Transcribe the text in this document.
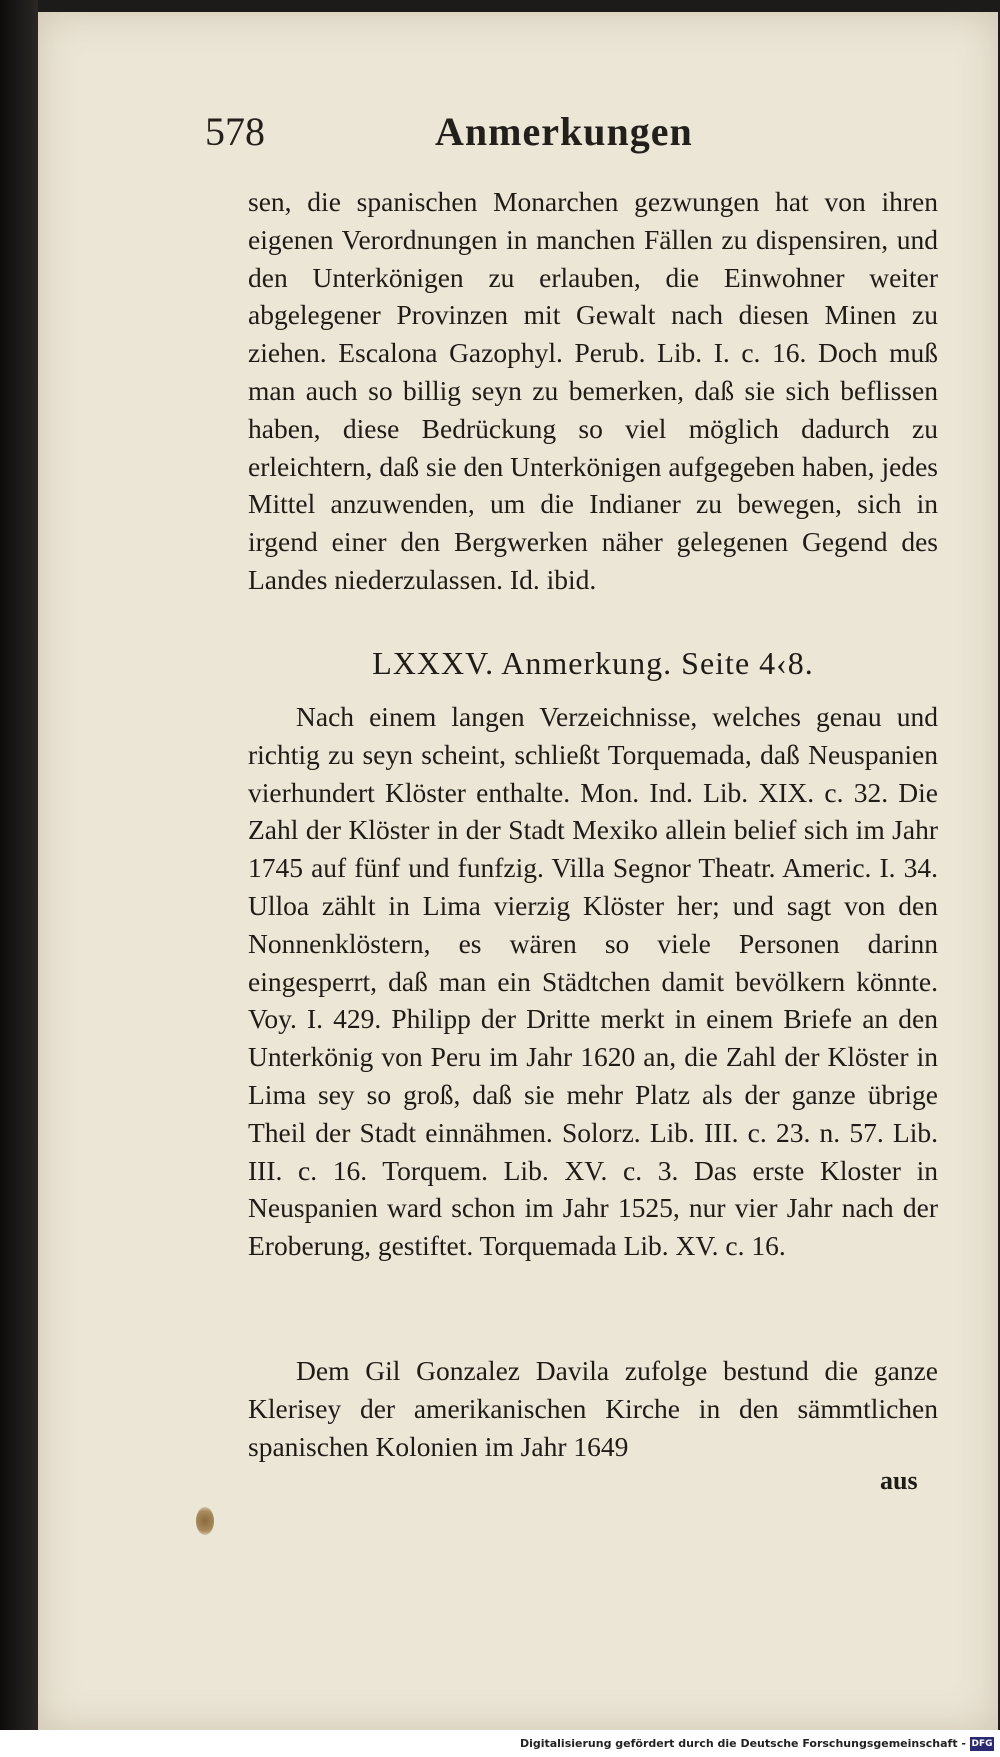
578	Anmerkungen
sen, die spanischen Monarchen gezwungen hat von ihren eigenen Verordnungen in manchen Fällen zu dispensiren, und den Unterkönigen zu erlauben, die Einwohner weiter abgelegener Provinzen mit Gewalt nach diesen Minen zu ziehen. Escalona Gazophyl. Perub. Lib. I. c. 16. Doch muß man auch so billig seyn zu bemerken, daß sie sich beflissen haben, diese Bedrückung so viel möglich dadurch zu erleichtern, daß sie den Unterkönigen aufgegeben haben, jedes Mittel anzuwenden, um die Indianer zu bewegen, sich in irgend einer den Bergwerken näher gelegenen Gegend des Landes niederzulassen. Id. ibid.
LXXXV. Anmerkung. Seite 4‹8.
Nach einem langen Verzeichnisse, welches genau und richtig zu seyn scheint, schließt Torquemada, daß Neuspanien vierhundert Klöster enthalte. Mon. Ind. Lib. XIX. c. 32. Die Zahl der Klöster in der Stadt Mexiko allein belief sich im Jahr 1745 auf fünf und funfzig. Villa Segnor Theatr. Americ. I. 34. Ulloa zählt in Lima vierzig Klöster her; und sagt von den Nonnenklöstern, es wären so viele Personen darinn eingesperrt, daß man ein Städtchen damit bevölkern könnte. Voy. I. 429. Philipp der Dritte merkt in einem Briefe an den Unterkönig von Peru im Jahr 1620 an, die Zahl der Klöster in Lima sey so groß, daß sie mehr Platz als der ganze übrige Theil der Stadt einnähmen. Solorz. Lib. III. c. 23. n. 57. Lib. III. c. 16. Torquem. Lib. XV. c. 3. Das erste Kloster in Neuspanien ward schon im Jahr 1525, nur vier Jahr nach der Eroberung, gestiftet. Torquemada Lib. XV. c. 16.
Dem Gil Gonzalez Davila zufolge bestund die ganze Klerisey der amerikanischen Kirche in den sämmtlichen spanischen Kolonien im Jahr 1649
aus
Digitalisierung gefördert durch die Deutsche Forschungsgemeinschaft - DFG
